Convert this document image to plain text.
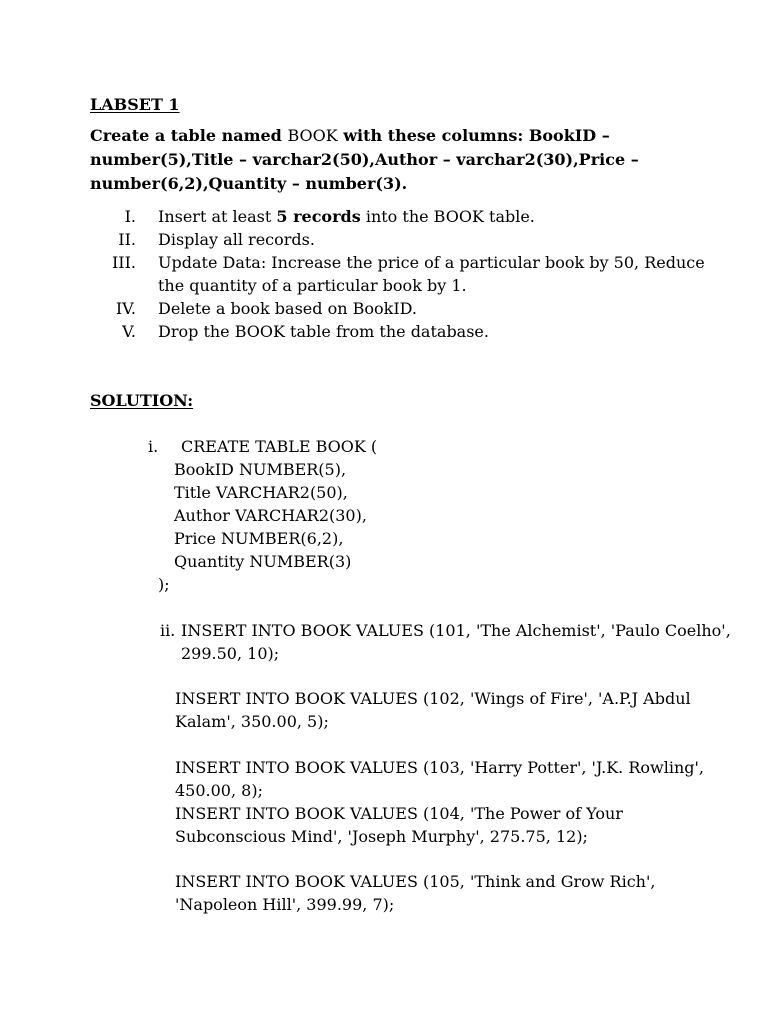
LABSET 1
Create a table named BOOK with these columns: BookID –
number(5),Title – varchar2(50),Author – varchar2(30),Price –
number(6,2),Quantity – number(3).
I. Insert at least 5 records into the BOOK table.
II. Display all records.
III. Update Data: Increase the price of a particular book by 50, Reduce
the quantity of a particular book by 1.
IV. Delete a book based on BookID.
V. Drop the BOOK table from the database.
SOLUTION:
i. CREATE TABLE BOOK (
BookID NUMBER(5),
Title VARCHAR2(50),
Author VARCHAR2(30),
Price NUMBER(6,2),
Quantity NUMBER(3)
);
ii. INSERT INTO BOOK VALUES (101, 'The Alchemist', 'Paulo Coelho',
299.50, 10);
INSERT INTO BOOK VALUES (102, 'Wings of Fire', 'A.P.J Abdul
Kalam', 350.00, 5);
INSERT INTO BOOK VALUES (103, 'Harry Potter', 'J.K. Rowling',
450.00, 8);
INSERT INTO BOOK VALUES (104, 'The Power of Your
Subconscious Mind', 'Joseph Murphy', 275.75, 12);
INSERT INTO BOOK VALUES (105, 'Think and Grow Rich',
'Napoleon Hill', 399.99, 7);
